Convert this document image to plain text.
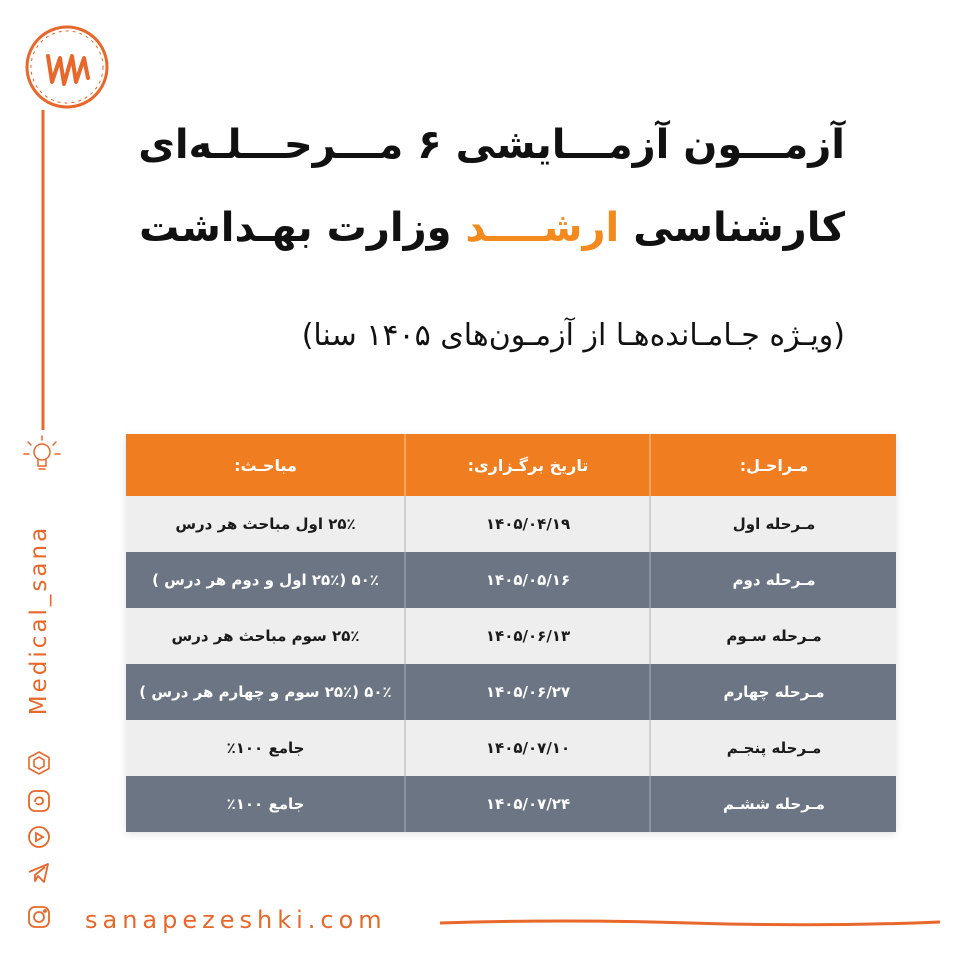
Medical_sana
sanapezeshki.com
آزمـــون آزمـــایشی ۶ مـــرحـــلـه‌ای
کارشناسی ارشــــد وزارت بهـداشت
(ویـژه جـامـانده‌هـا از آزمـون‌های ۱۴۰۵ سنا)
مـراحـل:
تاریخ برگـزاری:
مباحـث:
مـرحله اول
۱۴۰۵/۰۴/۱۹
۲۵٪ اول مباحث هر درس
مـرحله دوم
۱۴۰۵/۰۵/۱۶
۵۰٪ (۲۵٪ اول و دوم هر درس )
مـرحله سـوم
۱۴۰۵/۰۶/۱۳
۲۵٪ سوم مباحث هر درس
مـرحله چهارم
۱۴۰۵/۰۶/۲۷
۵۰٪ (۲۵٪ سوم و چهارم هر درس )
مـرحله پنجـم
۱۴۰۵/۰۷/۱۰
جامع ۱۰۰٪
مـرحله ششـم
۱۴۰۵/۰۷/۲۴
جامع ۱۰۰٪
